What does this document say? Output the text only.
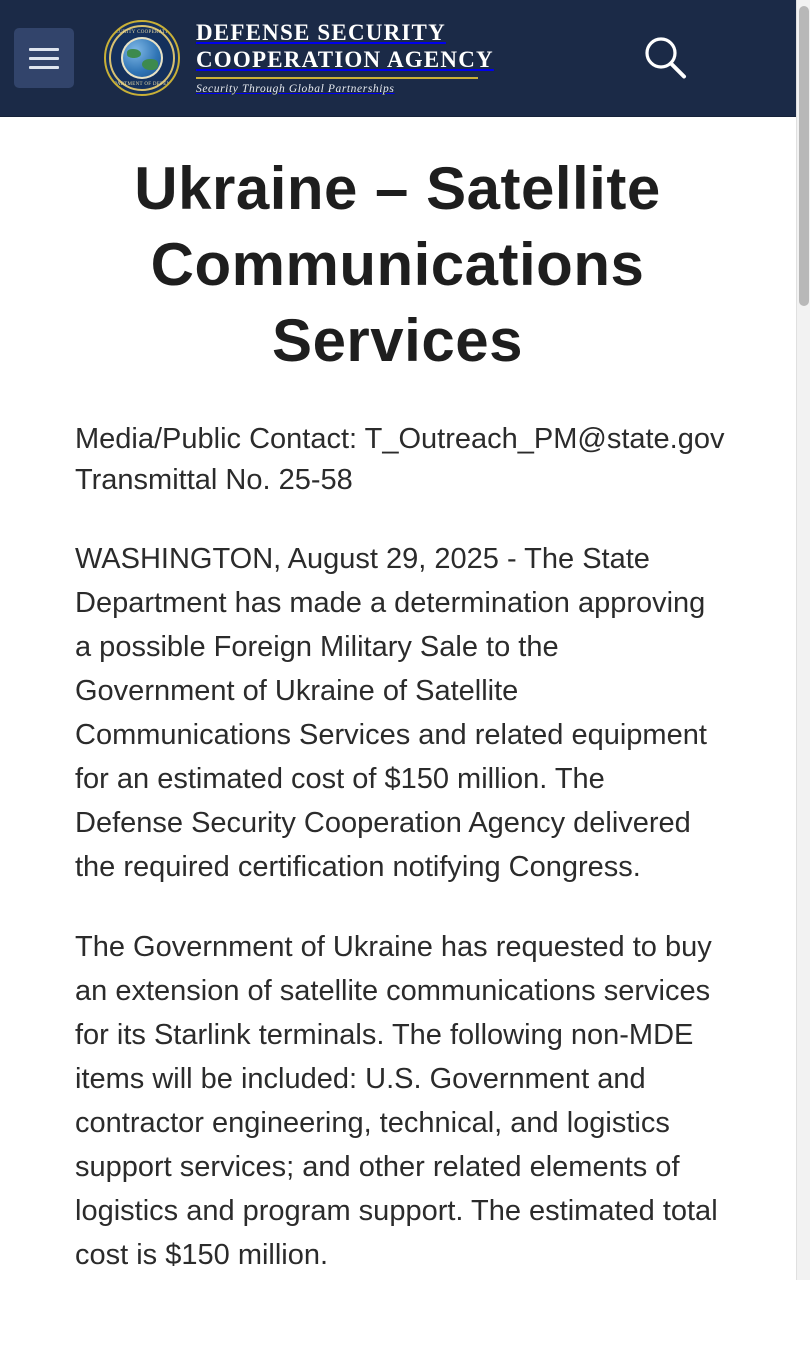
SECURITY COOPERATION
DEPARTMENT OF DEFENSE
DEFENSE SECURITY
COOPERATION AGENCY
Security Through Global Partnerships
Ukraine – Satellite Communications Services
Media/Public Contact: T_Outreach_PM@state.gov
Transmittal No. 25-58

WASHINGTON, August 29, 2025 - The State Department has made a determination approving a possible Foreign Military Sale to the Government of Ukraine of Satellite Communications Services and related equipment for an estimated cost of $150 million. The Defense Security Cooperation Agency delivered the required certification notifying Congress.

The Government of Ukraine has requested to buy an extension of satellite communications services for its Starlink terminals. The following non-MDE items will be included: U.S. Government and contractor engineering, technical, and logistics support services; and other related elements of logistics and program support. The estimated total cost is $150 million.
